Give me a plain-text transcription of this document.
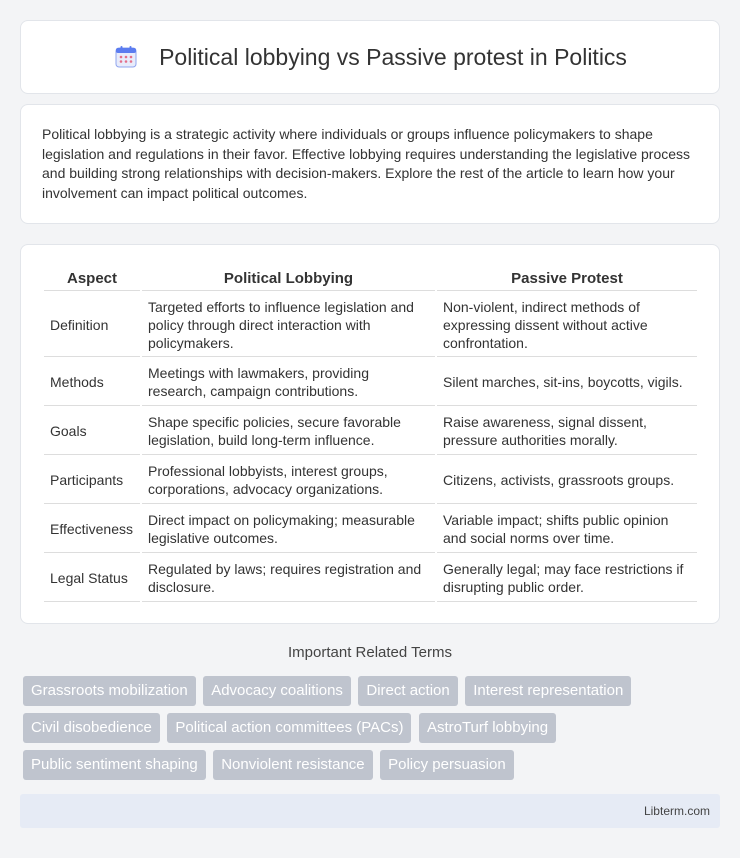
Political lobbying vs Passive protest in Politics

Political lobbying is a strategic activity where individuals or groups influence policymakers to shape legislation and regulations in their favor. Effective lobbying requires understanding the legislative process and building strong relationships with decision-makers. Explore the rest of the article to learn how your involvement can impact political outcomes.

Aspect	Political Lobbying	Passive Protest
Definition	Targeted efforts to influence legislation and policy through direct interaction with policymakers.	Non-violent, indirect methods of expressing dissent without active confrontation.
Methods	Meetings with lawmakers, providing research, campaign contributions.	Silent marches, sit-ins, boycotts, vigils.
Goals	Shape specific policies, secure favorable legislation, build long-term influence.	Raise awareness, signal dissent, pressure authorities morally.
Participants	Professional lobbyists, interest groups, corporations, advocacy organizations.	Citizens, activists, grassroots groups.
Effectiveness	Direct impact on policymaking; measurable legislative outcomes.	Variable impact; shifts public opinion and social norms over time.
Legal Status	Regulated by laws; requires registration and disclosure.	Generally legal; may face restrictions if disrupting public order.
Important Related Terms
Grassroots mobilization Advocacy coalitions Direct action Interest representation Civil disobedience Political action committees (PACs) AstroTurf lobbying Public sentiment shaping Nonviolent resistance Policy persuasion
Libterm.com
